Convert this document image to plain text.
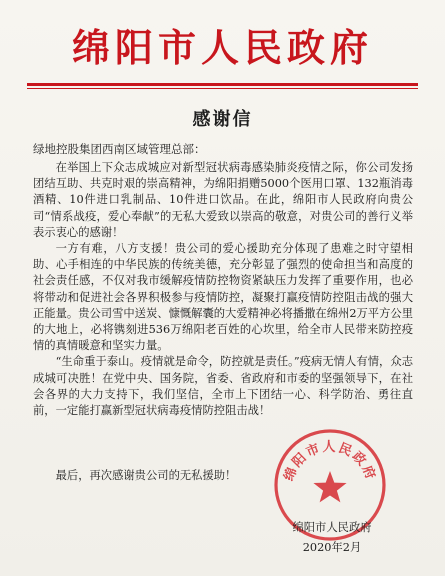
绵阳市人民政府
感谢信
绿地控股集团西南区域管理总部：

在举国上下众志成城应对新型冠状病毒感染肺炎疫情之际，你公司发扬团结互助、共克时艰的崇高精神，为绵阳捐赠5000个医用口罩、132瓶消毒酒精、10件进口乳制品、10件进口饮品。在此，绵阳市人民政府向贵公司“情系战疫，爱心奉献”的无私大爱致以崇高的敬意，对贵公司的善行义举表示衷心的感谢！

一方有难，八方支援！贵公司的爱心援助充分体现了患难之时守望相助、心手相连的中华民族的传统美德，充分彰显了强烈的使命担当和高度的社会责任感，不仅对我市缓解疫情防控物资紧缺压力发挥了重要作用，也必将带动和促进社会各界积极参与疫情防控，凝聚打赢疫情防控阻击战的强大正能量。贵公司雪中送炭、慷慨解囊的大爱精神必将播撒在绵州2万平方公里的大地上，必将镌刻进536万绵阳老百姓的心坎里，给全市人民带来防控疫情的真情暖意和坚实力量。

“生命重于泰山。疫情就是命令，防控就是责任。”疫病无情人有情，众志成城可决胜！在党中央、国务院，省委、省政府和市委的坚强领导下，在社会各界的大力支持下，我们坚信，全市上下团结一心、科学防治、勇往直前，一定能打赢新型冠状病毒疫情防控阻击战！

最后，再次感谢贵公司的无私援助！	绵阳市人民政府
绵阳市人民政府
2020年2月
